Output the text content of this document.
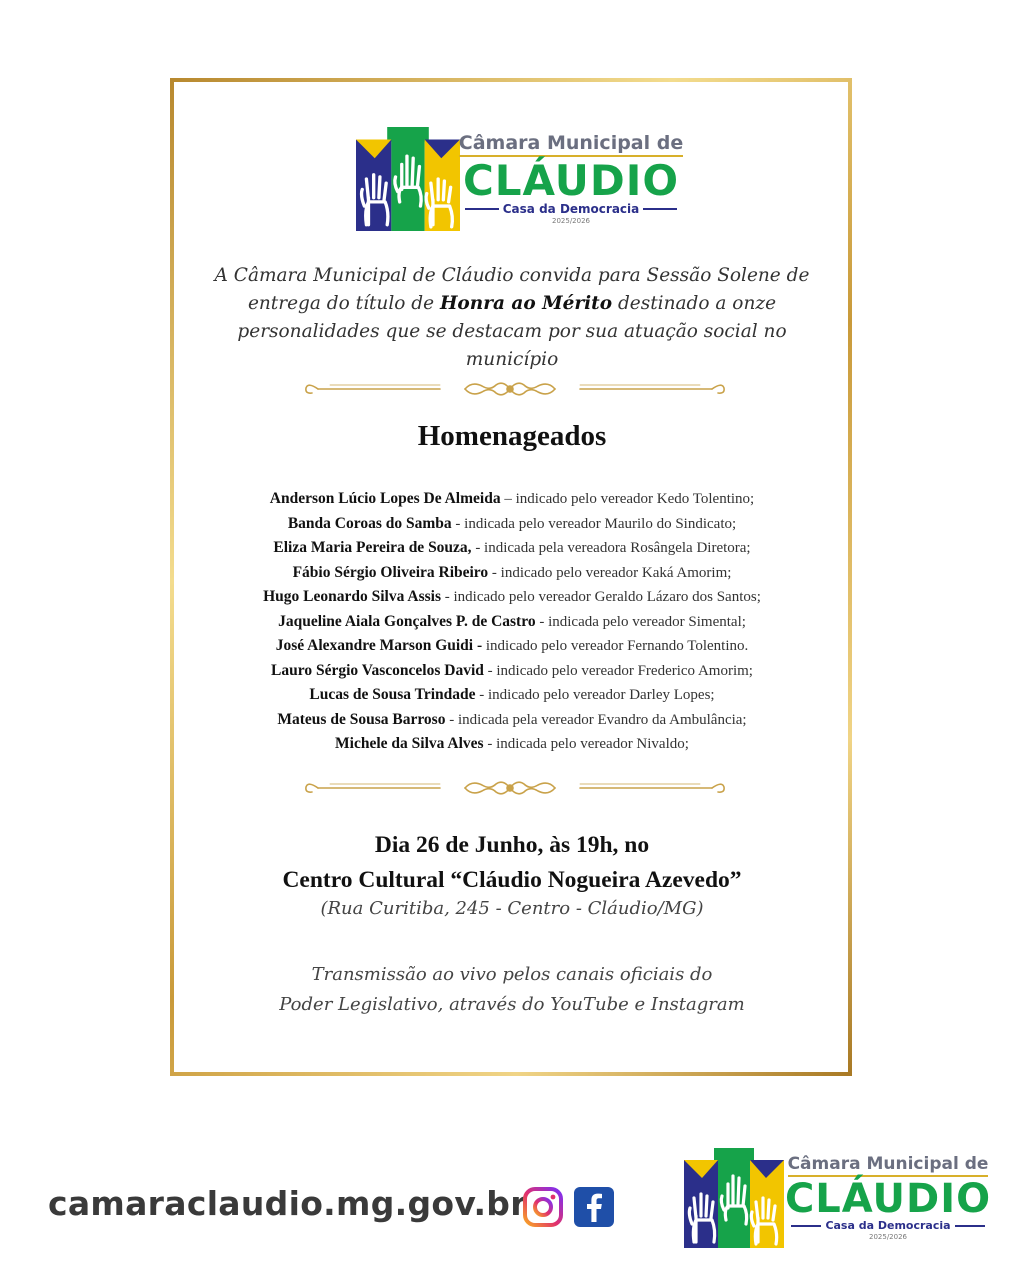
Câmara Municipal de
CLÁUDIO
Casa da Democracia
2025/2026
A Câmara Municipal de Cláudio convida para Sessão Solene de entrega do título de Honra ao Mérito destinado a onze personalidades que se destacam por sua atuação social no município
Homenageados
Anderson Lúcio Lopes De Almeida – indicado pelo vereador Kedo Tolentino;
Banda Coroas do Samba - indicada pelo vereador Maurilo do Sindicato;
Eliza Maria Pereira de Souza, - indicada pela vereadora Rosângela Diretora;
Fábio Sérgio Oliveira Ribeiro - indicado pelo vereador Kaká Amorim;
Hugo Leonardo Silva Assis - indicado pelo vereador Geraldo Lázaro dos Santos;
Jaqueline Aiala Gonçalves P. de Castro - indicada pelo vereador Simental;
José Alexandre Marson Guidi - indicado pelo vereador Fernando Tolentino.
Lauro Sérgio Vasconcelos David - indicado pelo vereador Frederico Amorim;
Lucas de Sousa Trindade - indicado pelo vereador Darley Lopes;
Mateus de Sousa Barroso - indicada pela vereador Evandro da Ambulância;
Michele da Silva Alves - indicada pelo vereador Nivaldo;
Dia 26 de Junho, às 19h, no
Centro Cultural “Cláudio Nogueira Azevedo”
(Rua Curitiba, 245 - Centro - Cláudio/MG)
Transmissão ao vivo pelos canais oficiais do
Poder Legislativo, através do YouTube e Instagram
camaraclaudio.mg.gov.br
Câmara Municipal de
CLÁUDIO
Casa da Democracia
2025/2026
